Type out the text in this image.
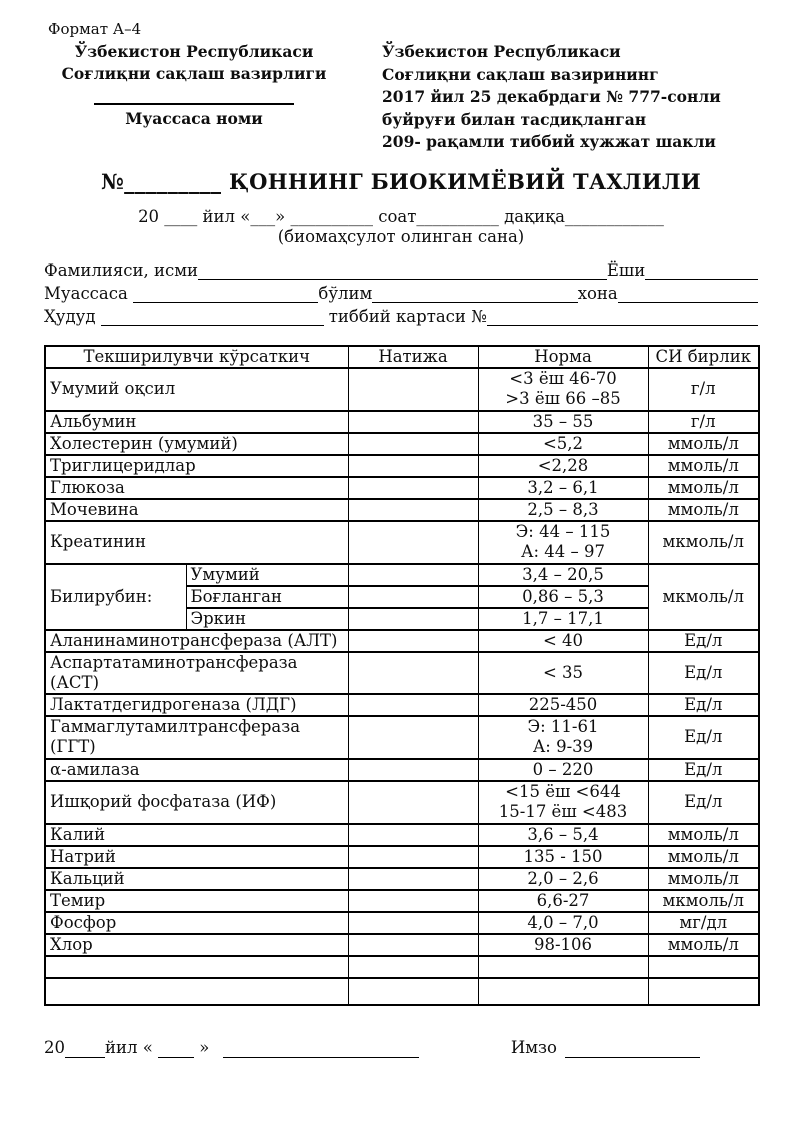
Формат А–4
Ўзбекистон Республикаси
Соғлиқни сақлаш вазирлиги
Муассаса номи
Ўзбекистон Республикаси
Соғлиқни сақлаш вазирининг
2017 йил 25 декабрдаги № 777-сонли
буйруғи билан тасдиқланган
209- рақамли тиббий хужжат шакли
№_________ ҚОННИНГ БИОКИМЁВИЙ ТАХЛИЛИ
20 ____ йил «___» __________ соат__________ дақиқа____________
(биомаҳсулот олинган сана)
Фамилияси, исми	Ёши
Муассаса	бўлим	хона
Ҳудуд	тиббий картаси №
Текширилувчи кўрсаткич		Натижа	Норма	СИ бирлик
Умумий оқсил			<3 ёш 46-70
>3 ёш 66 –85	г/л
Альбумин			35 – 55	г/л
Холестерин (умумий)			<5,2	ммоль/л
Триглицеридлар			<2,28	ммоль/л
Глюкоза			3,2 – 6,1	ммоль/л
Мочевина			2,5 – 8,3	ммоль/л
Креатинин			Э: 44 – 115
А: 44 – 97	мкмоль/л
Билирубин:	Умумий		3,4 – 20,5	мкмоль/л
	Боғланган		0,86 – 5,3	
	Эркин		1,7 – 17,1	
Аланинаминотрансфераза (АЛТ)			< 40	Ед/л
Аспартатаминотрансфераза (АСТ)			< 35	Ед/л
Лактатдегидрогеназа (ЛДГ)			225-450	Ед/л
Гаммаглутамилтрансфераза (ГГТ)			Э: 11-61
А: 9-39	Ед/л
α-амилаза			0 – 220	Ед/л
Ишқорий фосфатаза (ИФ)			<15 ёш <644
15-17 ёш <483	Ед/л
Калий			3,6 – 5,4	ммоль/л
Натрий			135 - 150	ммоль/л
Кальций			2,0 – 2,6	ммоль/л
Темир			6,6-27	мкмоль/л
Фосфор			4,0 – 7,0	мг/дл
Хлор			98-106	ммоль/л

20 йил « »	Имзо
